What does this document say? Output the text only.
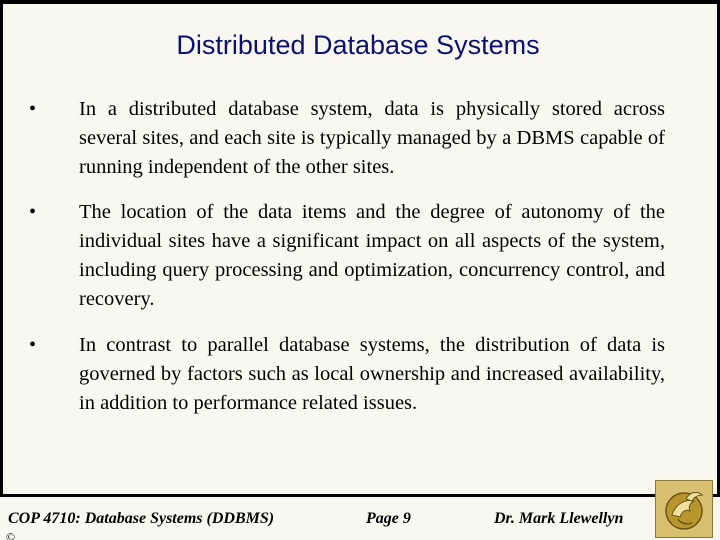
Distributed Database Systems
• In a distributed database system, data is physically stored across several sites, and each site is typically managed by a DBMS capable of running independent of the other sites.
• The location of the data items and the degree of autonomy of the individual sites have a significant impact on all aspects of the system, including query processing and optimization, concurrency control, and recovery.
• In contrast to parallel database systems, the distribution of data is governed by factors such as local ownership and increased availability, in addition to performance related issues.
COP 4710: Database Systems (DDBMS)	Page 9	Dr. Mark Llewellyn
©
